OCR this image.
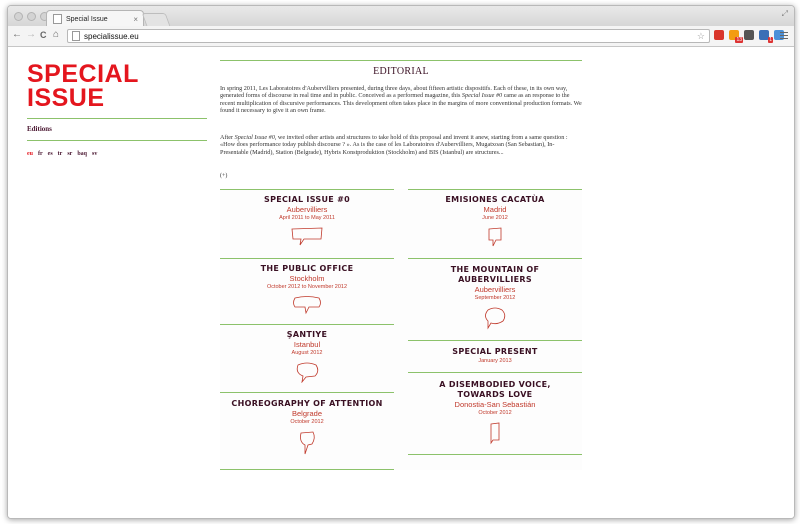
Special Issue	×
⤢
← → C ⌂	specialissue.eu	☆	13	1
SPECIAL
ISSUE
Editions
eu fr es tr sr baq sv
EDITORIAL
In spring 2011, Les Laboratoires d'Aubervilliers presented, during three days, about fifteen artistic dispositifs. Each of these, in its own way, generated forms of discourse in real time and in public. Conceived as a performed magazine, this Special Issue #0 came as an response to the recent multiplication of discursive performances. This development often takes place in the margins of more conventional production formats. We found it necessary to give it an own frame.
After Special Issue #0, we invited other artists and structures to take hold of this proposal and invent it anew, starting from a same question : «How does performance today publish discourse ? ». As is the case of les Laboratoires d'Aubervilliers, Mugatxoan (San Sebastian), In-Presentable (Madrid), Station (Belgrade), Hybris Konstproduktion (Stockholm) and BIS (Istanbul) are structures...
(+)
SPECIAL ISSUE #0
Aubervilliers
April 2011 to May 2011
THE PUBLIC OFFICE
Stockholm
October 2012 to November 2012
ŞANTIYE
Istanbul
August 2012
CHOREOGRAPHY OF ATTENTION
Belgrade
October 2012
EMISIONES CACATÙA
Madrid
June 2012
THE MOUNTAIN OF
AUBERVILLIERS
Aubervilliers
September 2012
SPECIAL PRESENT
January 2013
A DISEMBODIED VOICE,
TOWARDS LOVE
Donostia-San Sebastián
October 2012
